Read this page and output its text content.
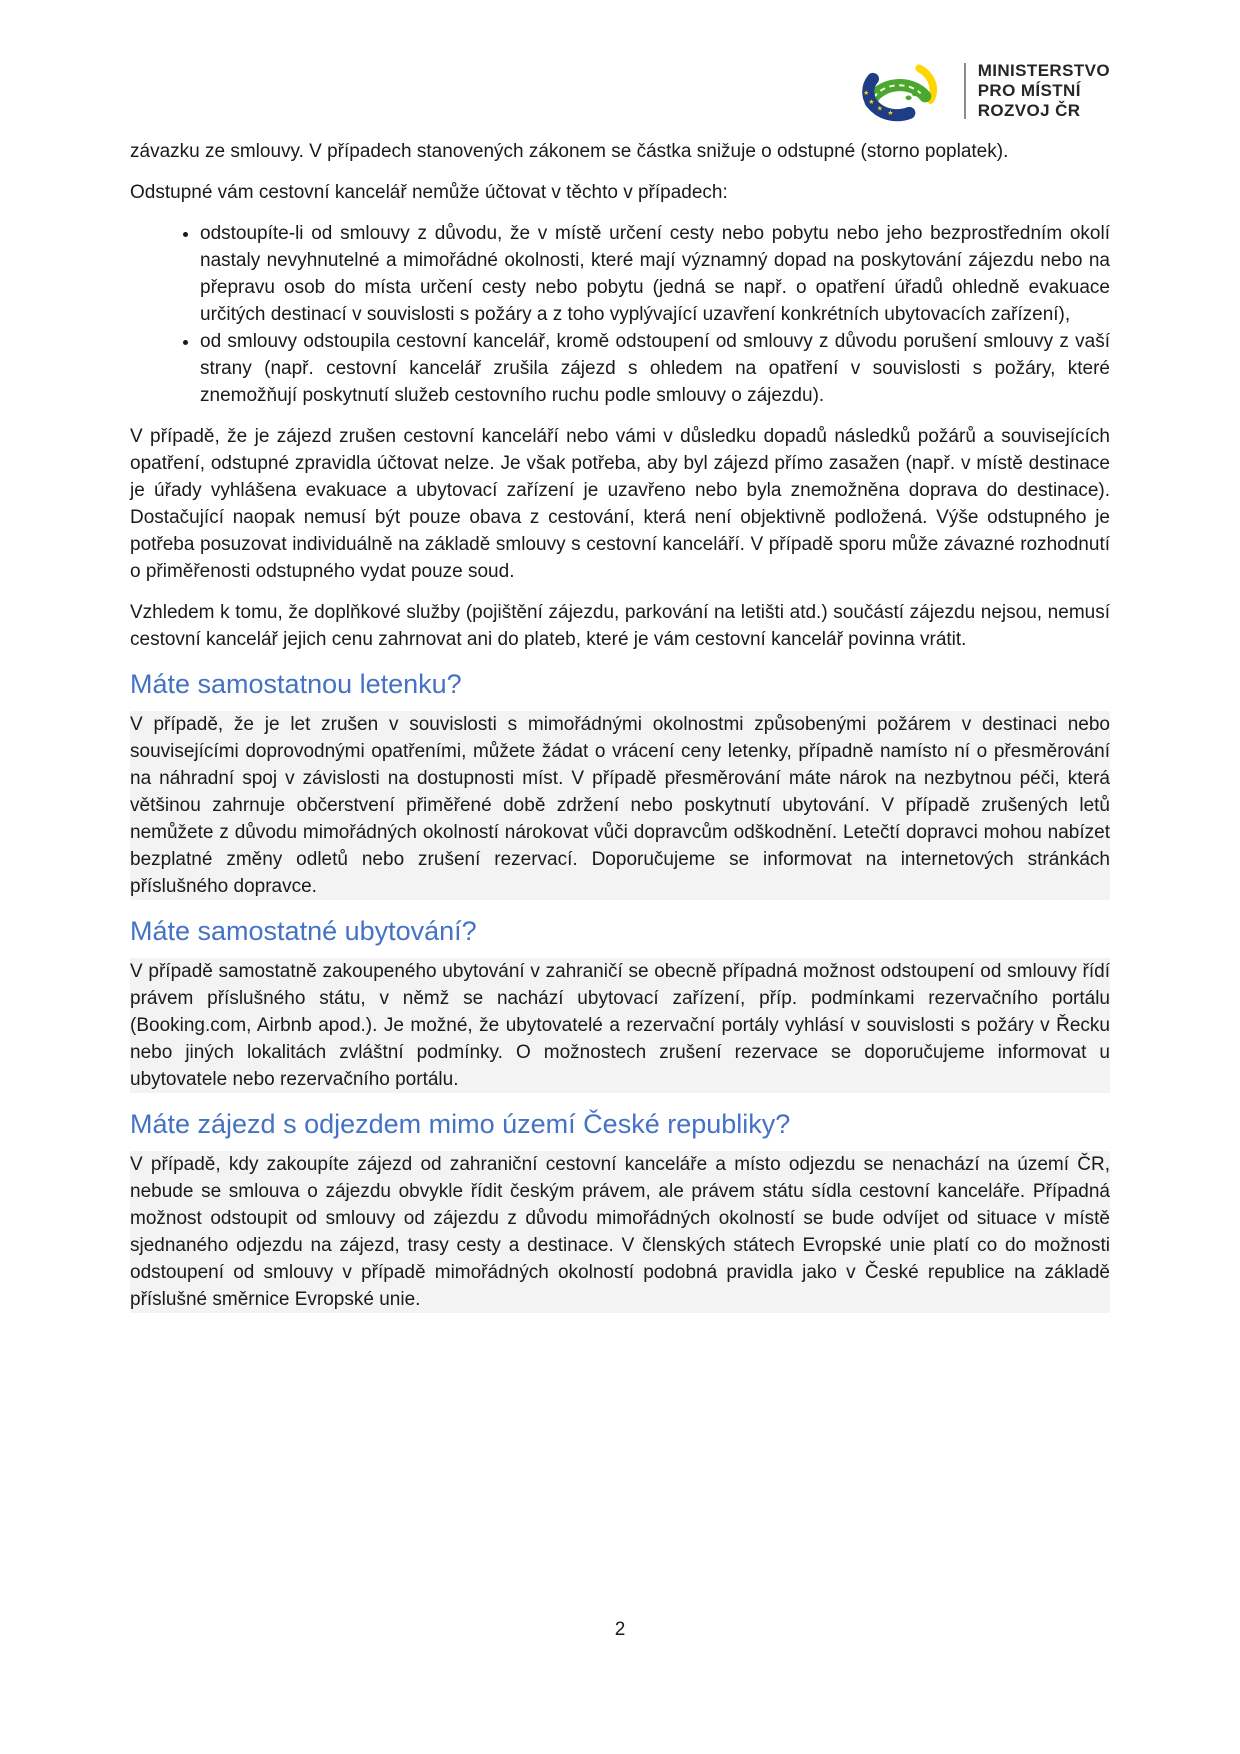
★
★
★
★
MINISTERSTVO
PRO MÍSTNÍ
ROZVOJ ČR

závazku ze smlouvy. V případech stanovených zákonem se částka snižuje o odstupné (storno poplatek).

Odstupné vám cestovní kancelář nemůže účtovat v těchto v případech:

• odstoupíte-li od smlouvy z důvodu, že v místě určení cesty nebo pobytu nebo jeho bezprostředním okolí nastaly nevyhnutelné a mimořádné okolnosti, které mají významný dopad na poskytování zájezdu nebo na přepravu osob do místa určení cesty nebo pobytu (jedná se např. o opatření úřadů ohledně evakuace určitých destinací v souvislosti s požáry a z toho vyplývající uzavření konkrétních ubytovacích zařízení),
• od smlouvy odstoupila cestovní kancelář, kromě odstoupení od smlouvy z důvodu porušení smlouvy z vaší strany (např. cestovní kancelář zrušila zájezd s ohledem na opatření v souvislosti s požáry, které znemožňují poskytnutí služeb cestovního ruchu podle smlouvy o zájezdu).

V případě, že je zájezd zrušen cestovní kanceláří nebo vámi v důsledku dopadů následků požárů a souvisejících opatření, odstupné zpravidla účtovat nelze. Je však potřeba, aby byl zájezd přímo zasažen (např. v místě destinace je úřady vyhlášena evakuace a ubytovací zařízení je uzavřeno nebo byla znemožněna doprava do destinace). Dostačující naopak nemusí být pouze obava z cestování, která není objektivně podložená. Výše odstupného je potřeba posuzovat individuálně na základě smlouvy s cestovní kanceláří. V případě sporu může závazné rozhodnutí o přiměřenosti odstupného vydat pouze soud.

Vzhledem k tomu, že doplňkové služby (pojištění zájezdu, parkování na letišti atd.) součástí zájezdu nejsou, nemusí cestovní kancelář jejich cenu zahrnovat ani do plateb, které je vám cestovní kancelář povinna vrátit.

Máte samostatnou letenku?

V případě, že je let zrušen v souvislosti s mimořádnými okolnostmi způsobenými požárem v destinaci nebo souvisejícími doprovodnými opatřeními, můžete žádat o vrácení ceny letenky, případně namísto ní o přesměrování na náhradní spoj v závislosti na dostupnosti míst. V případě přesměrování máte nárok na nezbytnou péči, která většinou zahrnuje občerstvení přiměřené době zdržení nebo poskytnutí ubytování. V případě zrušených letů nemůžete z důvodu mimořádných okolností nárokovat vůči dopravcům odškodnění. Letečtí dopravci mohou nabízet bezplatné změny odletů nebo zrušení rezervací. Doporučujeme se informovat na internetových stránkách příslušného dopravce.

Máte samostatné ubytování?

V případě samostatně zakoupeného ubytování v zahraničí se obecně případná možnost odstoupení od smlouvy řídí právem příslušného státu, v němž se nachází ubytovací zařízení, příp. podmínkami rezervačního portálu (Booking.com, Airbnb apod.). Je možné, že ubytovatelé a rezervační portály vyhlásí v souvislosti s požáry v Řecku nebo jiných lokalitách zvláštní podmínky. O možnostech zrušení rezervace se doporučujeme informovat u ubytovatele nebo rezervačního portálu.

Máte zájezd s odjezdem mimo území České republiky?

V případě, kdy zakoupíte zájezd od zahraniční cestovní kanceláře a místo odjezdu se nenachází na území ČR, nebude se smlouva o zájezdu obvykle řídit českým právem, ale právem státu sídla cestovní kanceláře. Případná možnost odstoupit od smlouvy od zájezdu z důvodu mimořádných okolností se bude odvíjet od situace v místě sjednaného odjezdu na zájezd, trasy cesty a destinace. V členských státech Evropské unie platí co do možnosti odstoupení od smlouvy v případě mimořádných okolností podobná pravidla jako v České republice na základě příslušné směrnice Evropské unie.

2
